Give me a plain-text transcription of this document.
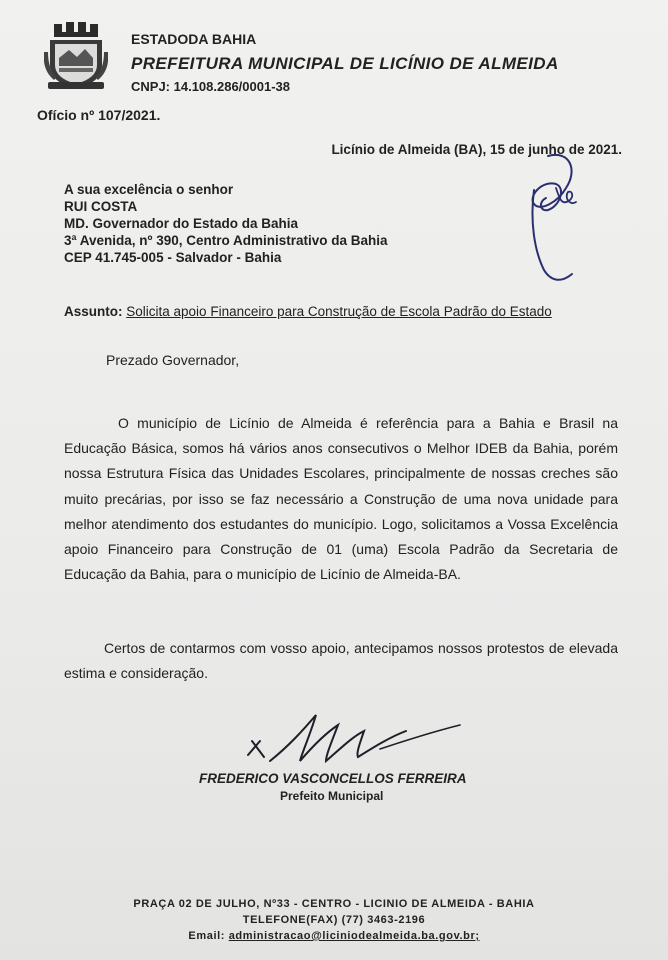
ESTADODA BAHIA
PREFEITURA MUNICIPAL DE LICÍNIO DE ALMEIDA
CNPJ: 14.108.286/0001-38
Ofício nº 107/2021.
Licínio de Almeida (BA), 15 de junho de 2021.
A sua excelência o senhor
RUI COSTA
MD. Governador do Estado da Bahia
3ª Avenida, nº 390, Centro Administrativo da Bahia
CEP 41.745-005 - Salvador - Bahia
Assunto: Solicita apoio Financeiro para Construção de Escola Padrão do Estado
Prezado Governador,
O município de Licínio de Almeida é referência para a Bahia e Brasil na Educação Básica, somos há vários anos consecutivos o Melhor IDEB da Bahia, porém nossa Estrutura Física das Unidades Escolares, principalmente de nossas creches são muito precárias, por isso se faz necessário a Construção de uma nova unidade para melhor atendimento dos estudantes do município. Logo, solicitamos a Vossa Excelência apoio Financeiro para Construção de 01 (uma) Escola Padrão da Secretaria de Educação da Bahia, para o município de Licínio de Almeida-BA.
Certos de contarmos com vosso apoio, antecipamos nossos protestos de elevada estima e consideração.
FREDERICO VASCONCELLOS FERREIRA
Prefeito Municipal
PRAÇA 02 DE JULHO, Nº33 - CENTRO - LICINIO DE ALMEIDA - BAHIA
TELEFONE(FAX) (77) 3463-2196
Email: administracao@liciniodealmeida.ba.gov.br;
